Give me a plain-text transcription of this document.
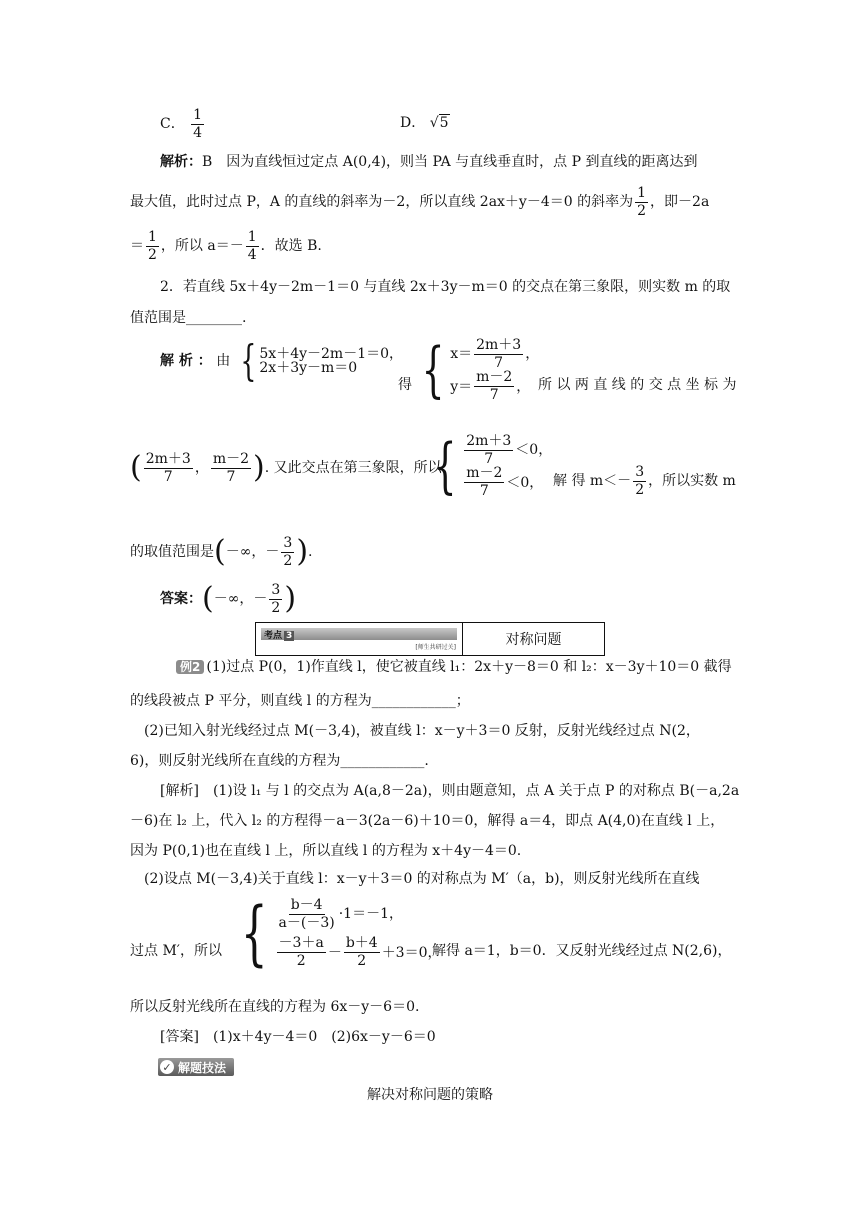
C． $\frac{1}{4}$	D． √5
解析：B　因为直线恒过定点 A(0,4)，则当 PA 与直线垂直时，点 P 到直线的距离达到
最大值，此时过点 P，A 的直线的斜率为－2，所以直线 2ax＋y－4＝0 的斜率为 $\frac{1}{2}$ ，即－2a
＝ $\frac{1}{2}$ ，所以 $a=- \frac{1}{4}$ ．故选 B.
2．若直线 5x＋4y－2m－1＝0 与直线 2x＋3y－m＝0 的交点在第三象限，则实数 m 的取
值范围是________.
解 析 ： 由 { 5x＋4y－2m－1＝0，
2x＋3y－m＝0
得 { $x= \frac{2m+3}{7}$ ，
$y= \frac{m-2}{7}$ ， 所 以 两 直 线 的 交 点 坐 标 为
( $\frac{2m+3}{7}$ ， $\frac{m-2}{7}$ ) . 又此交点在第三象限，所以
{ $\frac{2m+3}{7} <0$，
$\frac{m-2}{7} <0$， 解 得 $m<- \frac{3}{2}$ ，所以实数 m
的取值范围是 ( －∞，－ $\frac{3}{2}$ ) .
答案： ( －∞，－ $\frac{3}{2}$ )
考点 3
[师生共研过关]	对称问题
例2 (1)过点 P(0，1)作直线 l，使它被直线 l₁：2x＋y－8＝0 和 l₂：x－3y＋10＝0 截得
的线段被点 P 平分，则直线 l 的方程为____________；
(2)已知入射光线经过点 M(－3,4)，被直线 l：x－y＋3＝0 反射，反射光线经过点 N(2，
6)，则反射光线所在直线的方程为____________.
[解析]　 (1)设 l₁ 与 l 的交点为 A(a,8－2a)，则由题意知，点 A 关于点 P 的对称点 B(－a,2a
－6)在 l₂ 上，代入 l₂ 的方程得－a－3(2a－6)＋10＝0，解得 a＝4，即点 A(4,0)在直线 l 上，
因为 P(0,1)也在直线 l 上，所以直线 l 的方程为 x＋4y－4＝0.
(2)设点 M(－3,4)关于直线 l：x－y＋3＝0 的对称点为 M′（a，b)，则反射光线所在直线
过点 M′，所以 { $\frac{b-4}{a-(-3)} \cdot 1=-1$，
$\frac{-3+a}{2} - \frac{b+4}{2} +3=0$，
解得 a＝1，b＝0．又反射光线经过点 N(2,6)，
所以反射光线所在直线的方程为 6x－y－6＝0.
[答案]　 (1)x＋4y－4＝0　(2)6x－y－6＝0
✓ 解题技法
解决对称问题的策略
